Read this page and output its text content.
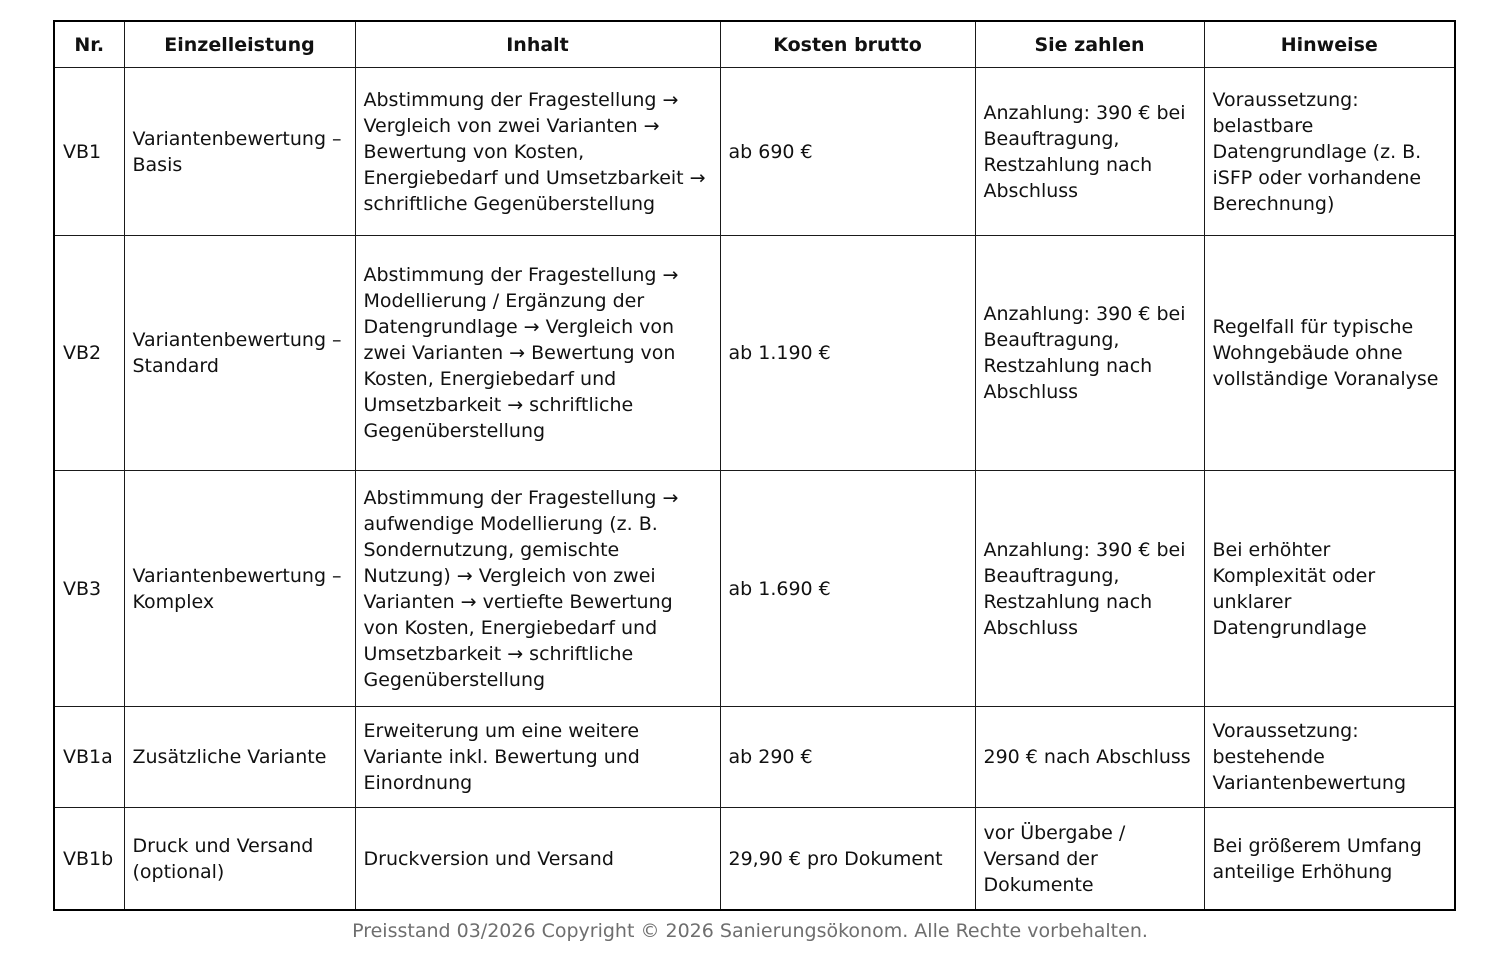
Nr.	Einzelleistung	Inhalt	Kosten brutto	Sie zahlen	Hinweise
VB1	Variantenbewertung – Basis	Abstimmung der Fragestellung → Vergleich von zwei Varianten → Bewertung von Kosten, Energiebedarf und Umsetzbarkeit → schriftliche Gegenüberstellung	ab 690 €	Anzahlung: 390 € bei Beauftragung, Restzahlung nach Abschluss	Voraussetzung: belastbare Datengrundlage (z. B. iSFP oder vorhandene Berechnung)
VB2	Variantenbewertung – Standard	Abstimmung der Fragestellung → Modellierung / Ergänzung der Datengrundlage → Vergleich von zwei Varianten → Bewertung von Kosten, Energiebedarf und Umsetzbarkeit → schriftliche Gegenüberstellung	ab 1.190 €	Anzahlung: 390 € bei Beauftragung, Restzahlung nach Abschluss	Regelfall für typische Wohngebäude ohne vollständige Voranalyse
VB3	Variantenbewertung – Komplex	Abstimmung der Fragestellung → aufwendige Modellierung (z. B. Sondernutzung, gemischte Nutzung) → Vergleich von zwei Varianten → vertiefte Bewertung von Kosten, Energiebedarf und Umsetzbarkeit → schriftliche Gegenüberstellung	ab 1.690 €	Anzahlung: 390 € bei Beauftragung, Restzahlung nach Abschluss	Bei erhöhter Komplexität oder unklarer Datengrundlage
VB1a	Zusätzliche Variante	Erweiterung um eine weitere Variante inkl. Bewertung und Einordnung	ab 290 €	290 € nach Abschluss	Voraussetzung: bestehende Variantenbewertung
VB1b	Druck und Versand (optional)	Druckversion und Versand	29,90 € pro Dokument	vor Übergabe / Versand der Dokumente	Bei größerem Umfang anteilige Erhöhung
Preisstand 03/2026 Copyright © 2026 Sanierungsökonom. Alle Rechte vorbehalten.
